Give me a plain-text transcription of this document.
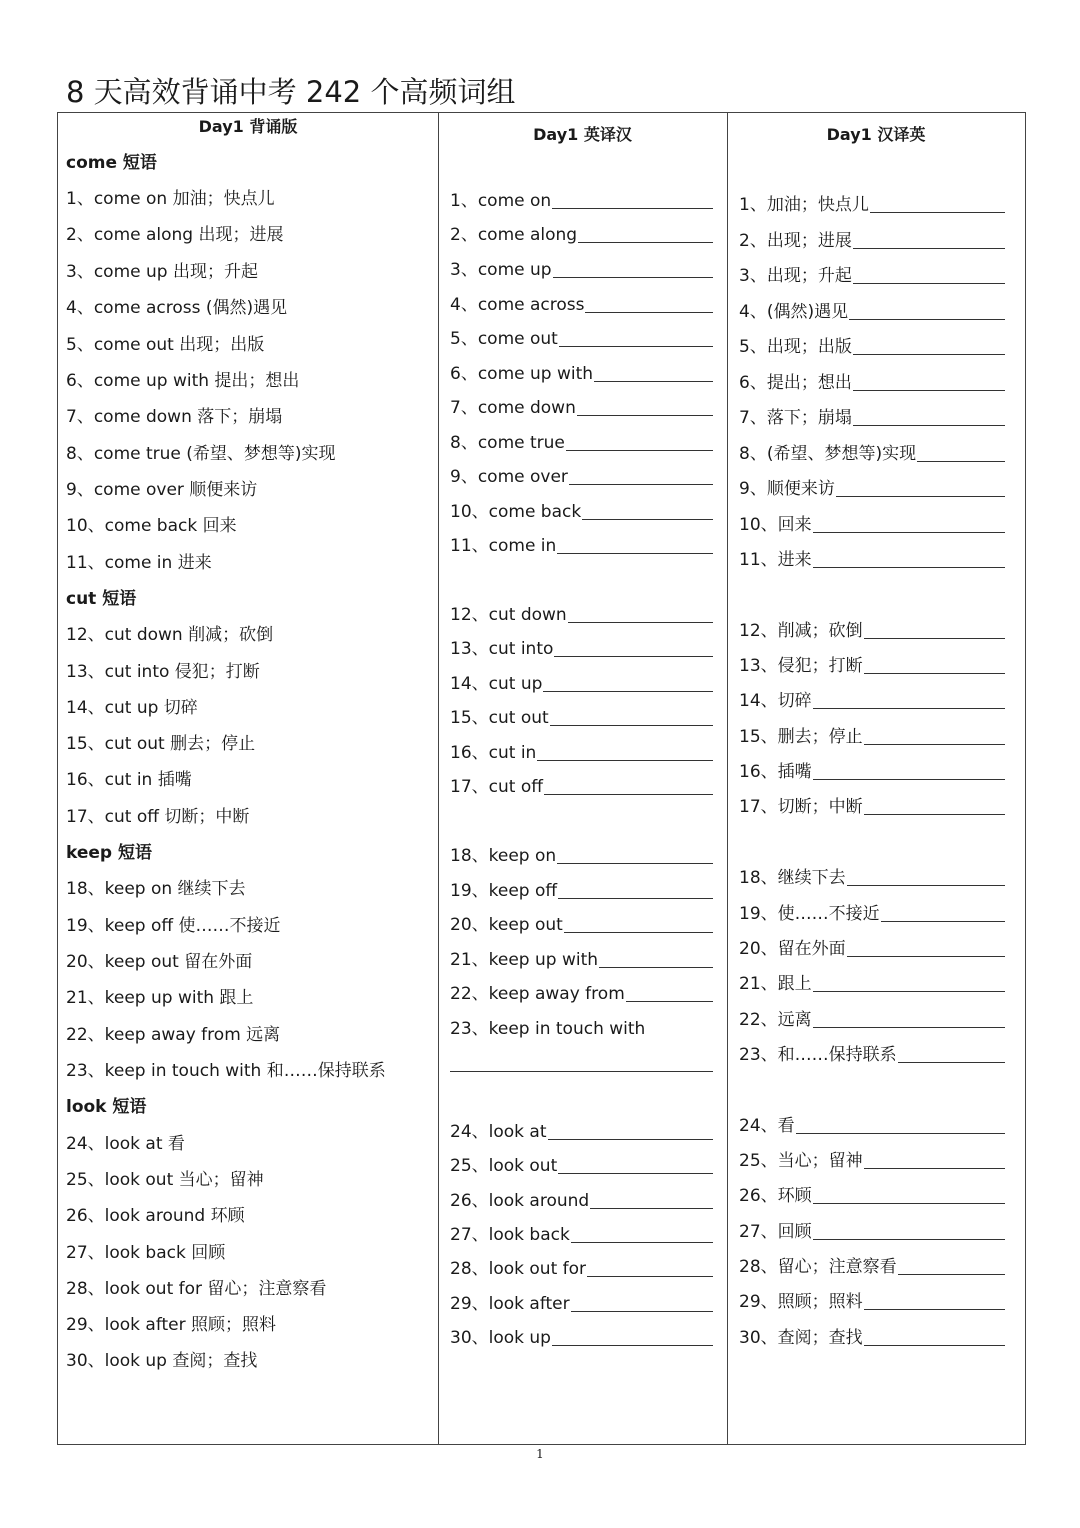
8 天高效背诵中考 242 个高频词组
Day1 背诵版
come 短语
1、come on 加油；快点儿
2、come along 出现；进展
3、come up 出现；升起
4、come across (偶然)遇见
5、come out 出现；出版
6、come up with 提出；想出
7、come down 落下；崩塌
8、come true (希望、梦想等)实现
9、come over 顺便来访
10、come back 回来
11、come in 进来
cut 短语
12、cut down 削减；砍倒
13、cut into 侵犯；打断
14、cut up 切碎
15、cut out 删去；停止
16、cut in 插嘴
17、cut off 切断；中断
keep 短语
18、keep on 继续下去
19、keep off 使……不接近
20、keep out 留在外面
21、keep up with 跟上
22、keep away from 远离
23、keep in touch with 和……保持联系
look 短语
24、look at 看
25、look out 当心；留神
26、look around 环顾
27、look back 回顾
28、look out for 留心；注意察看
29、look after 照顾；照料
30、look up 查阅；查找
Day1 英译汉
1、come on
2、come along
3、come up
4、come across
5、come out
6、come up with
7、come down
8、come true
9、come over
10、come back
11、come in
12、cut down
13、cut into
14、cut up
15、cut out
16、cut in
17、cut off
18、keep on
19、keep off
20、keep out
21、keep up with
22、keep away from
23、keep in touch with
24、look at
25、look out
26、look around
27、look back
28、look out for
29、look after
30、look up
Day1 汉译英
1、加油；快点儿
2、出现；进展
3、出现；升起
4、(偶然)遇见
5、出现；出版
6、提出；想出
7、落下；崩塌
8、(希望、梦想等)实现
9、顺便来访
10、回来
11、进来
12、削减；砍倒
13、侵犯；打断
14、切碎
15、删去；停止
16、插嘴
17、切断；中断
18、继续下去
19、使……不接近
20、留在外面
21、跟上
22、远离
23、和……保持联系
24、看
25、当心；留神
26、环顾
27、回顾
28、留心；注意察看
29、照顾；照料
30、查阅；查找
1
